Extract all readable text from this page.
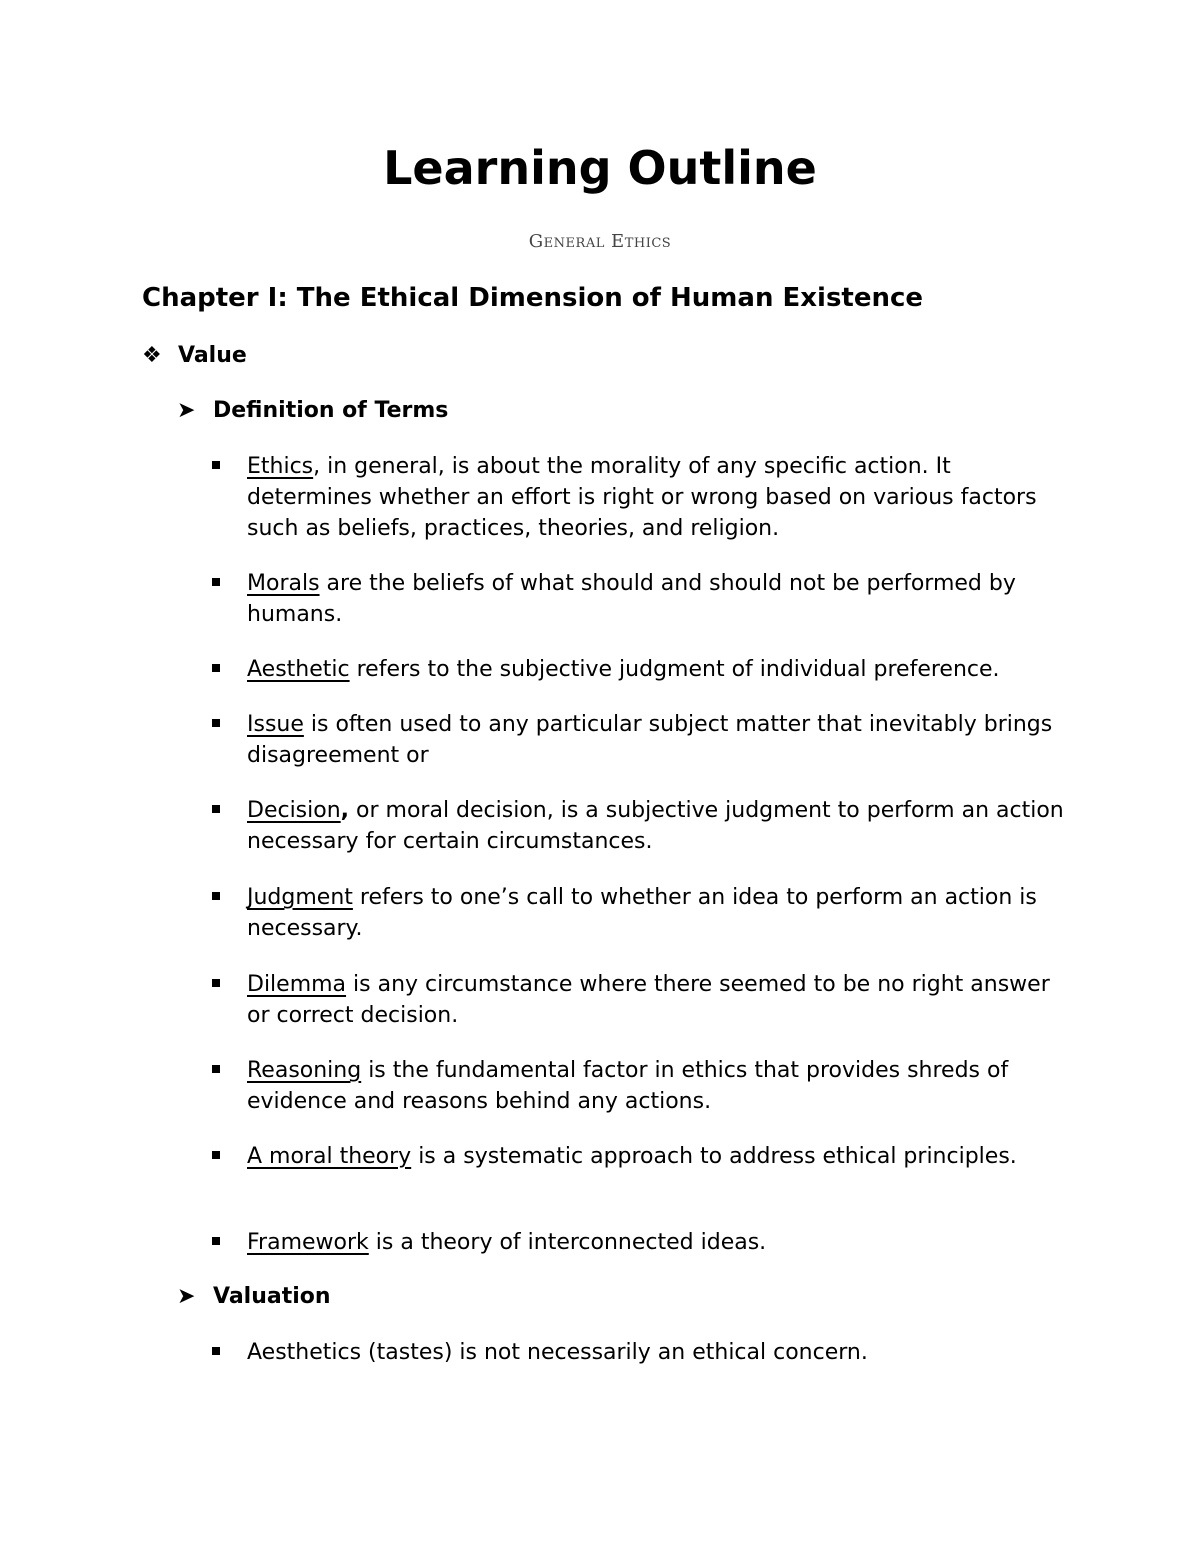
Learning Outline

General Ethics

Chapter I: The Ethical Dimension of Human Existence
❖ Value
➤ Definition of Terms
Ethics, in general, is about the morality of any specific action. It determines whether an effort is right or wrong based on various factors such as beliefs, practices, theories, and religion.
Morals are the beliefs of what should and should not be performed by humans.
Aesthetic refers to the subjective judgment of individual preference.
Issue is often used to any particular subject matter that inevitably brings disagreement or
Decision, or moral decision, is a subjective judgment to perform an action necessary for certain circumstances.
Judgment refers to one’s call to whether an idea to perform an action is necessary.
Dilemma is any circumstance where there seemed to be no right answer or correct decision.
Reasoning is the fundamental factor in ethics that provides shreds of evidence and reasons behind any actions.
A moral theory is a systematic approach to address ethical principles.
Framework is a theory of interconnected ideas.
➤ Valuation
Aesthetics (tastes) is not necessarily an ethical concern.
